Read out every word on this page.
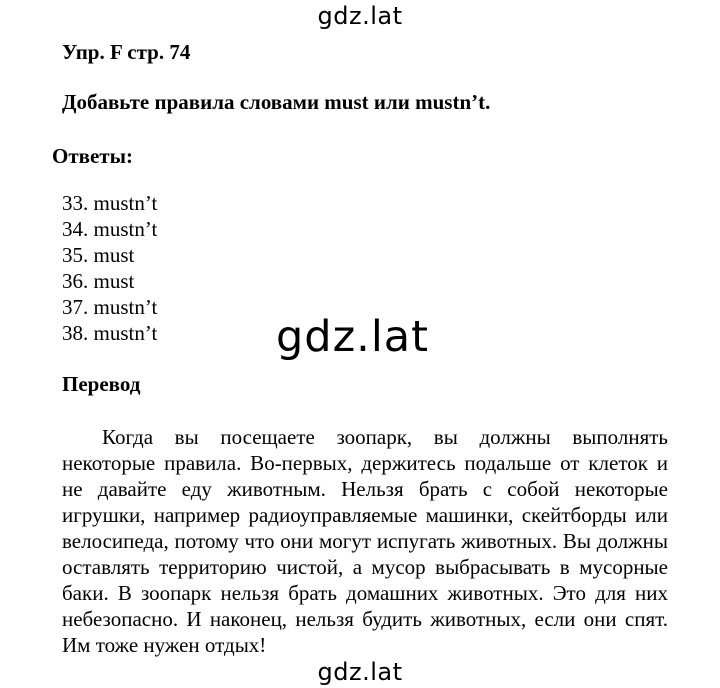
gdz.lat
Упр. F стр. 74
Добавьте правила словами must или mustn’t.
Ответы:
33. mustn’t
34. mustn’t
35. must
36. must
37. mustn’t
38. mustn’t	gdz.lat
Перевод

Когда вы посещаете зоопарк, вы должны выполнять некоторые правила. Во-первых, держитесь подальше от клеток и не давайте еду животным. Нельзя брать с собой некоторые игрушки, например радиоуправляемые машинки, скейтборды или велосипеда, потому что они могут испугать животных. Вы должны оставлять территорию чистой, а мусор выбрасывать в мусорные баки. В зоопарк нельзя брать домашних животных. Это для них небезопасно. И наконец, нельзя будить животных, если они спят. Им тоже нужен отдых!

gdz.lat
